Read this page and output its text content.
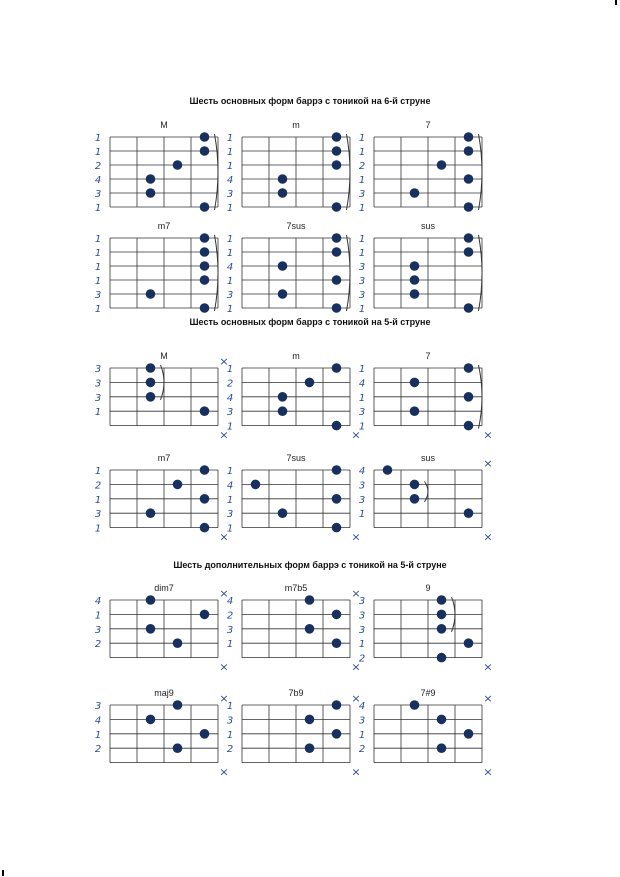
Шесть основных форм баррэ с тоникой на 6-й струне
M
1
1
2
4
3
1
m
1
1
1
4
3
1
7
1
1
2
1
3
1
m7
1
1
1
1
3
1
7sus
1
1
4
1
3
1
sus
1
1
3
3
3
1
Шесть основных форм баррэ с тоникой на 5-й струне
M
3
3
3
1
×
×
m
1
2
4
3
1
×
7
1
4
1
3
1
×
m7
1
2
1
3
1
×
7sus
1
4
1
3
1
×
sus
4
3
3
1
×
×
Шесть дополнительных форм баррэ с тоникой на 5-й струне
dim7
4
1
3
2
×
×
m7b5
4
2
3
1
×
×
9
3
3
3
1
2
×
maj9
3
4
1
2
×
×
7b9
1
3
1
2
×
×
7#9
4
3
1
2
×
×
